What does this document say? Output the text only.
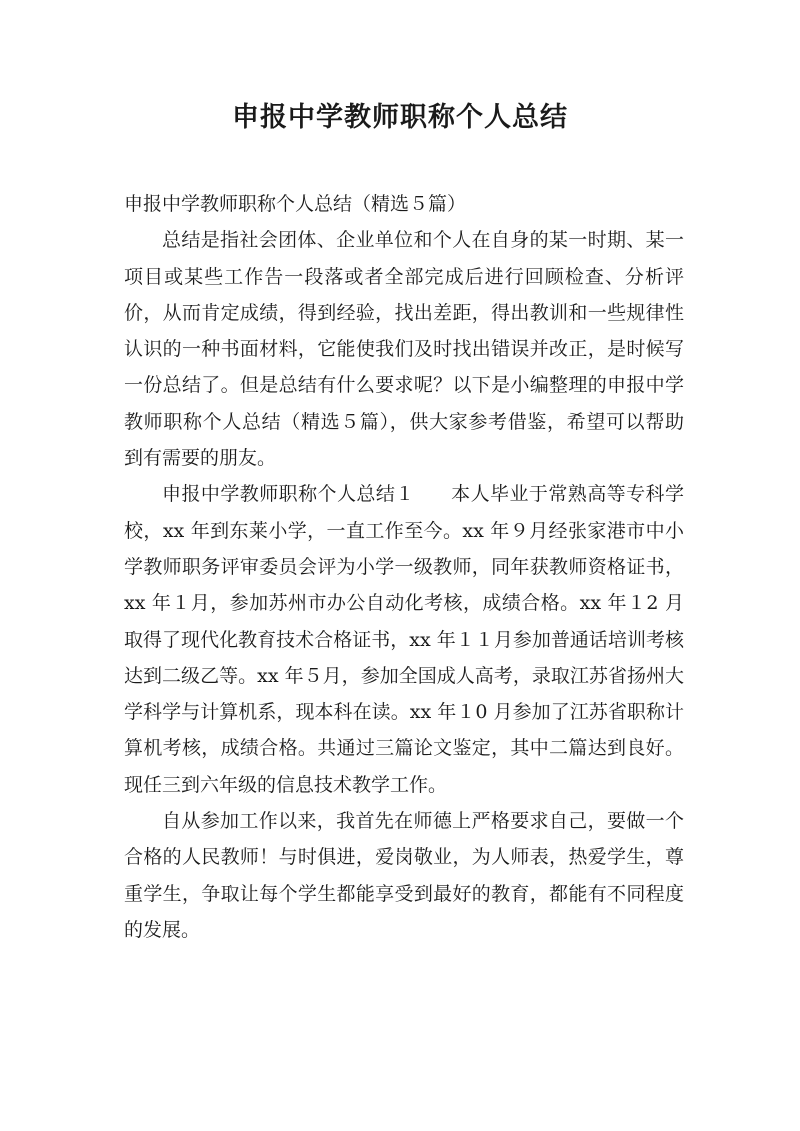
申报中学教师职称个人总结

申报中学教师职称个人总结（精选５篇）

总结是指社会团体、企业单位和个人在自身的某一时期、某一项目或某些工作告一段落或者全部完成后进行回顾检查、分析评价，从而肯定成绩，得到经验，找出差距，得出教训和一些规律性认识的一种书面材料，它能使我们及时找出错误并改正，是时候写一份总结了。但是总结有什么要求呢？以下是小编整理的申报中学教师职称个人总结（精选５篇），供大家参考借鉴，希望可以帮助到有需要的朋友。

申报中学教师职称个人总结１ 本人毕业于常熟高等专科学校，xx 年到东莱小学，一直工作至今。xx 年９月经张家港市中小学教师职务评审委员会评为小学一级教师，同年获教师资格证书，xx 年１月，参加苏州市办公自动化考核，成绩合格。xx 年１2 月取得了现代化教育技术合格证书，xx 年１１月参加普通话培训考核达到二级乙等。xx 年５月，参加全国成人高考，录取江苏省扬州大学科学与计算机系，现本科在读。xx 年１0 月参加了江苏省职称计算机考核，成绩合格。共通过三篇论文鉴定，其中二篇达到良好。现任三到六年级的信息技术教学工作。

自从参加工作以来，我首先在师德上严格要求自己，要做一个合格的人民教师！与时俱进，爱岗敬业，为人师表，热爱学生，尊重学生，争取让每个学生都能享受到最好的教育，都能有不同程度的发展。
